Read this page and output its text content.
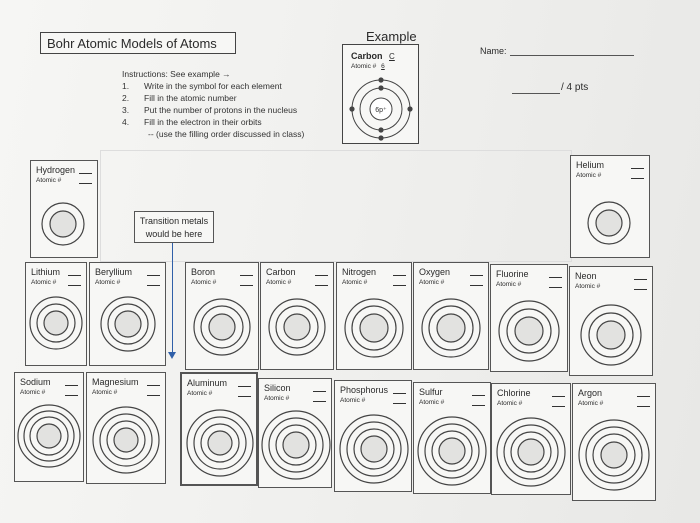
Bohr Atomic Models of Atoms
Instructions: See example →
1.	Write in the symbol for each element
2.	Fill in the atomic number
3.	Put the number of protons in the nucleus
4.	Fill in the electron in their orbits
-- (use the filling order discussed in class)
Example
Carbon C
Atomic # 6
6p⁺
Name:
/ 4 pts
Transition metals would be here
Hydrogen
Atomic #
Helium
Atomic #
Lithium
Atomic #
Beryllium
Atomic #
Boron
Atomic #
Carbon
Atomic #
Nitrogen
Atomic #
Oxygen
Atomic #
Fluorine
Atomic #
Neon
Atomic #
Sodium
Atomic #
Magnesium
Atomic #
Aluminum
Atomic #
Silicon
Atomic #
Phosphorus
Atomic #
Sulfur
Atomic #
Chlorine
Atomic #
Argon
Atomic #
